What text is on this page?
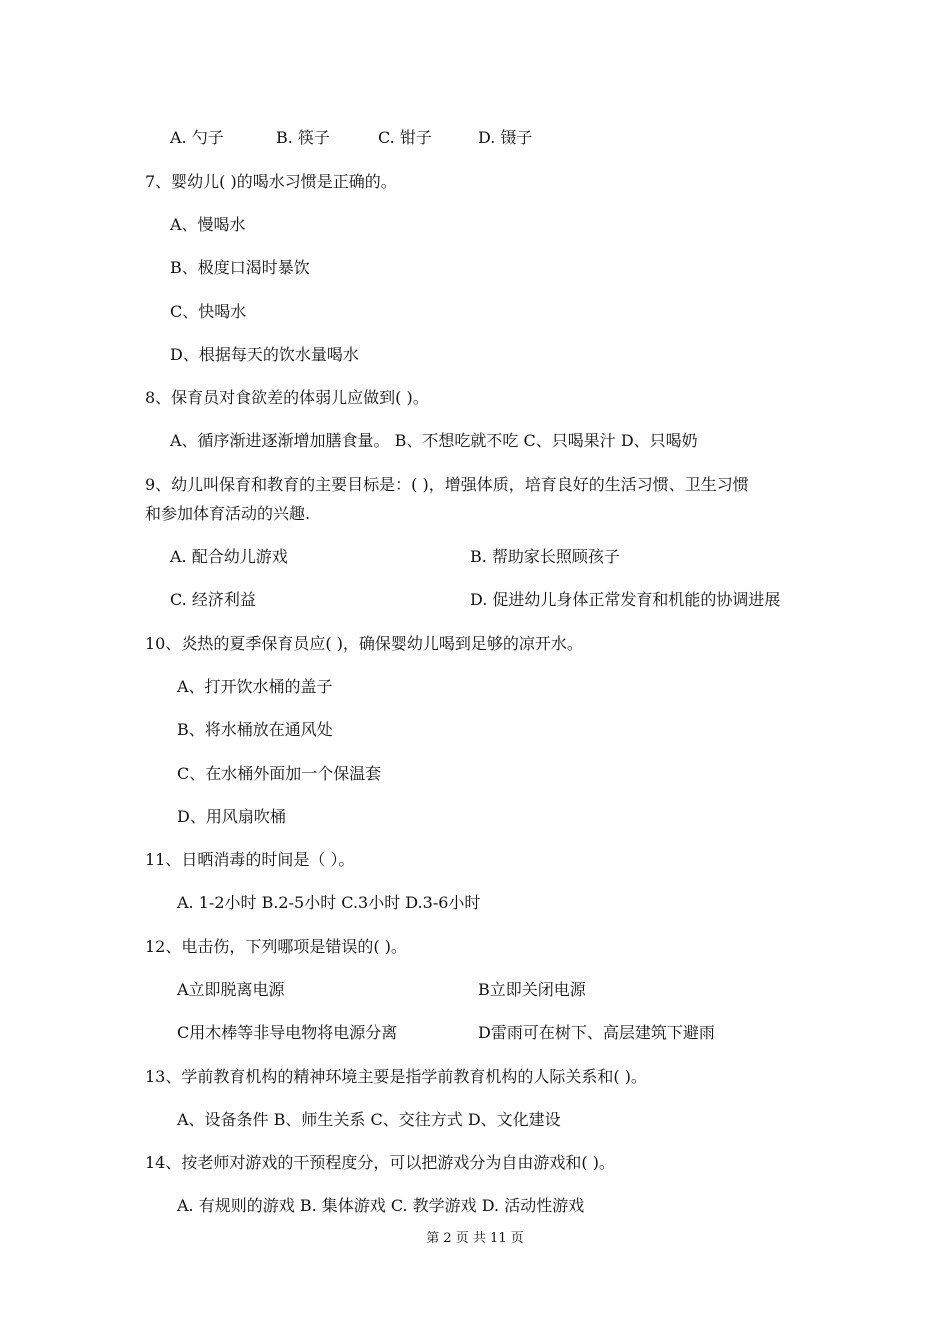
A. 勺子	B. 筷子	C. 钳子	D. 镊子
7、婴幼儿( )的喝水习惯是正确的。
A、慢喝水
B、极度口渴时暴饮
C、快喝水
D、根据每天的饮水量喝水
8、保育员对食欲差的体弱儿应做到( )。
A、循序渐进逐渐增加膳食量。 B、不想吃就不吃 C、只喝果汁 D、只喝奶
9、幼儿叫保育和教育的主要目标是：( )，增强体质，培育良好的生活习惯、卫生习惯
和参加体育活动的兴趣.
A. 配合幼儿游戏	B. 帮助家长照顾孩子
C. 经济利益	D. 促进幼儿身体正常发育和机能的协调进展
10、炎热的夏季保育员应( )，确保婴幼儿喝到足够的凉开水。
A、打开饮水桶的盖子
B、将水桶放在通风处
C、在水桶外面加一个保温套
D、用风扇吹桶
11、日晒消毒的时间是（ ）。
A. 1-2小时 B.2-5小时 C.3小时 D.3-6小时
12、电击伤，下列哪项是错误的( )。
A立即脱离电源	B立即关闭电源
C用木棒等非导电物将电源分离	D雷雨可在树下、高层建筑下避雨
13、学前教育机构的精神环境主要是指学前教育机构的人际关系和( )。
A、设备条件 B、师生关系 C、交往方式 D、文化建设
14、按老师对游戏的干预程度分，可以把游戏分为自由游戏和( )。
A. 有规则的游戏 B. 集体游戏 C. 教学游戏 D. 活动性游戏
第 2 页 共 11 页
